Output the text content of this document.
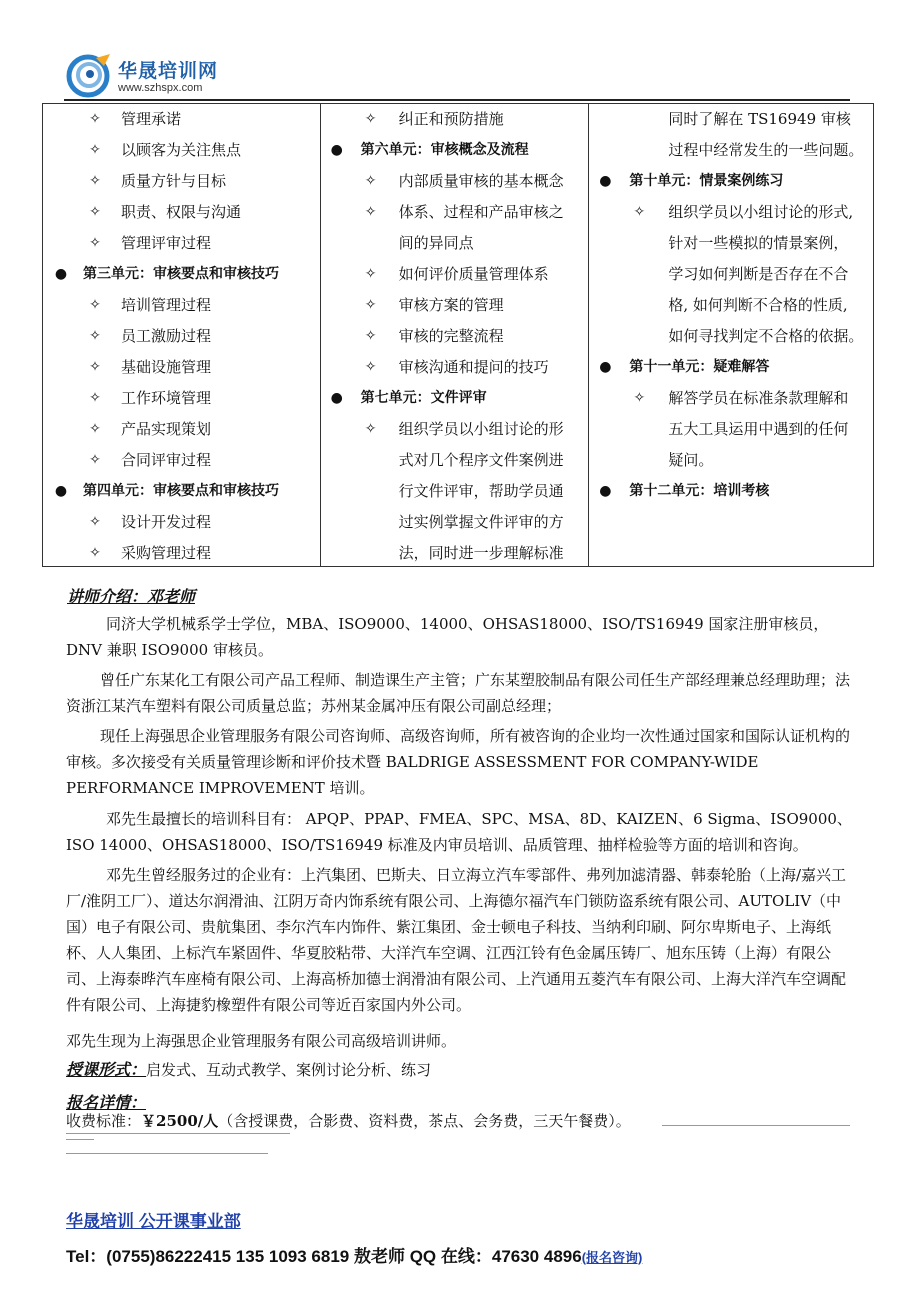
华晟培训网
www.szhspx.com
✧ 管理承诺
✧ 以顾客为关注焦点
✧ 质量方针与目标
✧ 职责、权限与沟通
✧ 管理评审过程
● 第三单元：审核要点和审核技巧
✧ 培训管理过程
✧ 员工激励过程
✧ 基础设施管理
✧ 工作环境管理
✧ 产品实现策划
✧ 合同评审过程
● 第四单元：审核要点和审核技巧
✧ 设计开发过程
✧ 采购管理过程
✧ 纠正和预防措施
● 第六单元：审核概念及流程
✧ 内部质量审核的基本概念
✧ 体系、过程和产品审核之
间的异同点
✧ 如何评价质量管理体系
✧ 审核方案的管理
✧ 审核的完整流程
✧ 审核沟通和提问的技巧
● 第七单元：文件评审
✧ 组织学员以小组讨论的形
式对几个程序文件案例进
行文件评审，帮助学员通
过实例掌握文件评审的方
法，同时进一步理解标准
同时了解在 TS16949 审核
过程中经常发生的一些问题。
● 第十单元：情景案例练习
✧ 组织学员以小组讨论的形式,
针对一些模拟的情景案例，
学习如何判断是否存在不合
格, 如何判断不合格的性质,
如何寻找判定不合格的依据。
● 第十一单元：疑难解答
✧ 解答学员在标准条款理解和
五大工具运用中遇到的任何
疑问。
● 第十二单元：培训考核
讲师介绍：邓老师
同济大学机械系学士学位，MBA、ISO9000、14000、OHSAS18000、ISO/TS16949 国家注册审核员，DNV 兼职 ISO9000 审核员。
曾任广东某化工有限公司产品工程师、制造课生产主管；广东某塑胶制品有限公司任生产部经理兼总经理助理；法资浙江某汽车塑料有限公司质量总监；苏州某金属冲压有限公司副总经理；
现任上海强思企业管理服务有限公司咨询师、高级咨询师，所有被咨询的企业均一次性通过国家和国际认证机构的审核。多次接受有关质量管理诊断和评价技术暨 BALDRIGE ASSESSMENT FOR COMPANY-WIDE PERFORMANCE IMPROVEMENT 培训。
邓先生最擅长的培训科目有： APQP、PPAP、FMEA、SPC、MSA、8D、KAIZEN、6 Sigma、ISO9000、ISO 14000、OHSAS18000、ISO/TS16949 标准及内审员培训、品质管理、抽样检验等方面的培训和咨询。
邓先生曾经服务过的企业有：上汽集团、巴斯夫、日立海立汽车零部件、弗列加滤清器、韩泰轮胎（上海/嘉兴工厂/淮阴工厂）、道达尔润滑油、江阴万奇内饰系统有限公司、上海德尔福汽车门锁防盗系统有限公司、AUTOLIV（中国）电子有限公司、贵航集团、李尔汽车内饰件、紫江集团、金士顿电子科技、当纳利印刷、阿尔卑斯电子、上海纸杯、人人集团、上标汽车紧固件、华夏胶粘带、大洋汽车空调、江西江铃有色金属压铸厂、旭东压铸（上海）有限公司、上海泰晔汽车座椅有限公司、上海高桥加德士润滑油有限公司、上汽通用五菱汽车有限公司、上海大洋汽车空调配件有限公司、上海捷豹橡塑件有限公司等近百家国内外公司。
邓先生现为上海强思企业管理服务有限公司高级培训讲师。
授课形式：启发式、互动式教学、案例讨论分析、练习
报名详情：
收费标准：￥2500/人（含授课费，合影费、资料费，茶点、会务费，三天午餐费）。
华晟培训 公开课事业部
Tel：(0755)86222415 135 1093 6819 敖老师 QQ 在线：47630 4896(报名咨询)
